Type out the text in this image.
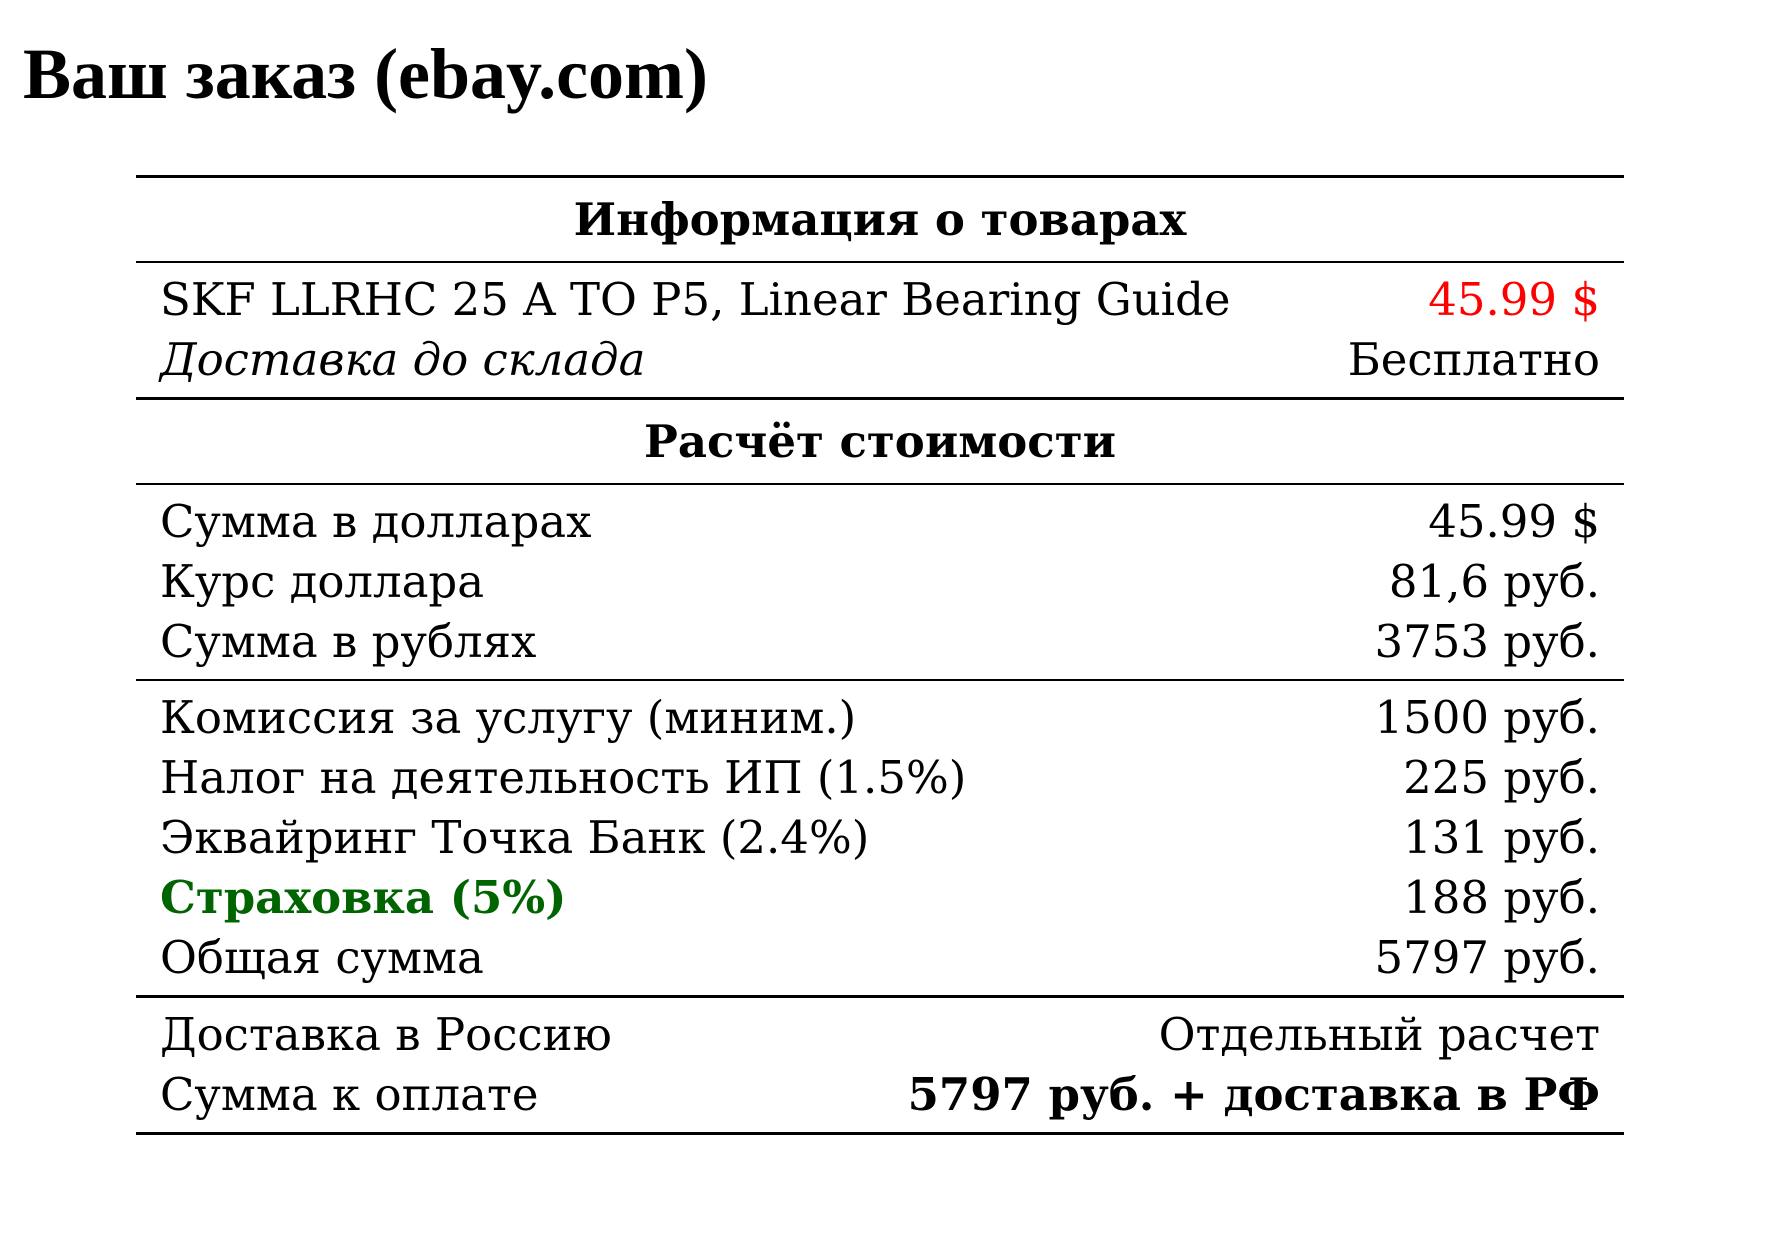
Ваш заказ (ebay.com)
Информация о товарах
SKF LLRHC 25 A TO P5, Linear Bearing Guide	45.99 $
Доставка до склада	Бесплатно
Расчёт стоимости
Сумма в долларах	45.99 $
Курс доллара	81,6 руб.
Сумма в рублях	3753 руб.
Комиссия за услугу (миним.)	1500 руб.
Налог на деятельность ИП (1.5%)	225 руб.
Эквайринг Точка Банк (2.4%)	131 руб.
Страховка (5%)	188 руб.
Общая сумма	5797 руб.
Доставка в Россию	Отдельный расчет
Сумма к оплате	5797 руб. + доставка в РФ
